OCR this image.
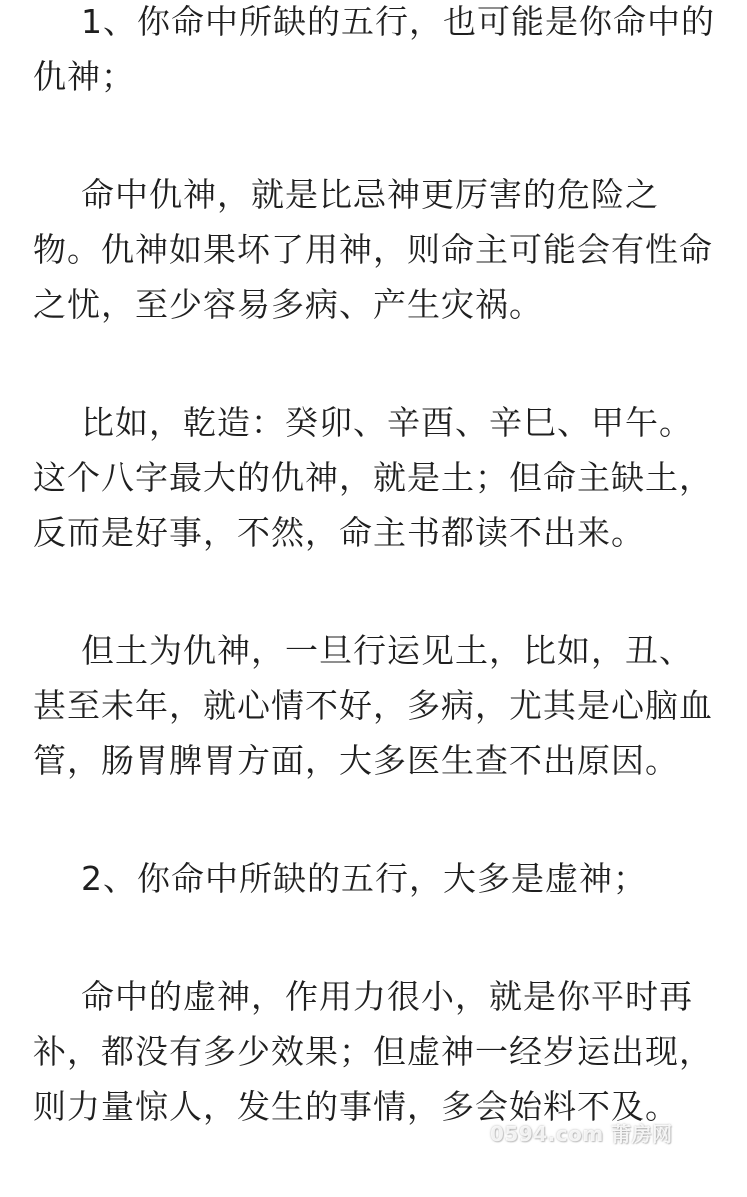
1、你命中所缺的五行，也可能是你命中的仇神；

命中仇神，就是比忌神更厉害的危险之物。仇神如果坏了用神，则命主可能会有性命之忧，至少容易多病、产生灾祸。

比如，乾造：癸卯、辛酉、辛巳、甲午。这个八字最大的仇神，就是土；但命主缺土，反而是好事，不然，命主书都读不出来。

但土为仇神，一旦行运见土，比如，丑、甚至未年，就心情不好，多病，尤其是心脑血管，肠胃脾胃方面，大多医生查不出原因。

2、你命中所缺的五行，大多是虚神；

命中的虚神，作用力很小，就是你平时再补，都没有多少效果；但虚神一经岁运出现，则力量惊人，发生的事情，多会始料不及。

0594.com 莆房网
